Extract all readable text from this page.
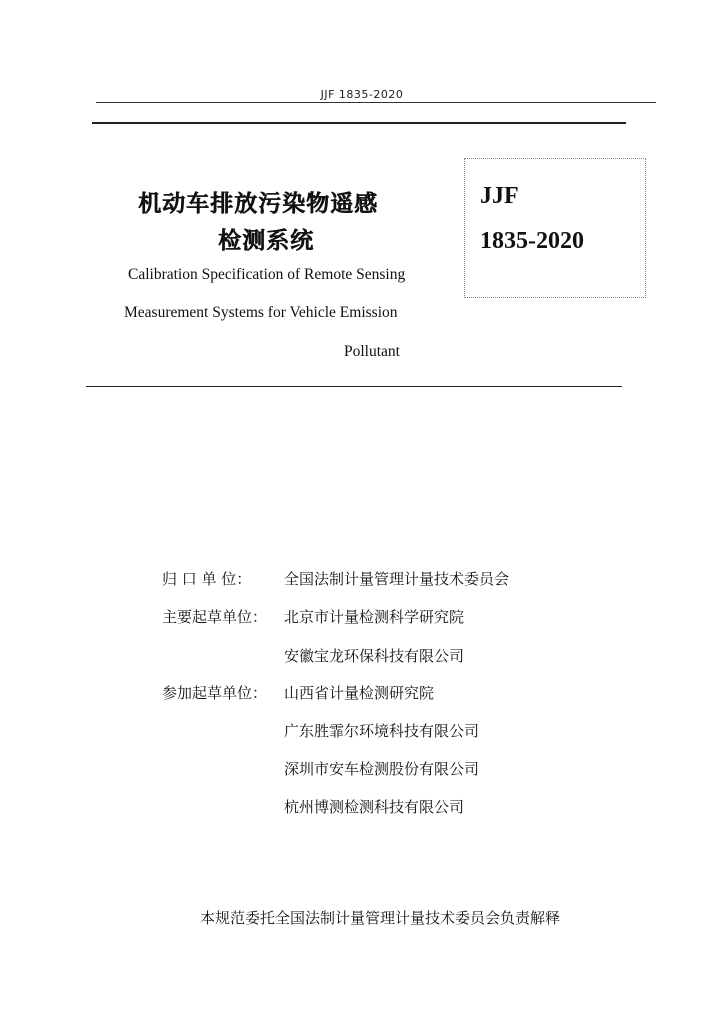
JJF 1835-2020
机动车排放污染物遥感
检测系统
Calibration Specification of Remote Sensing
Measurement Systems for Vehicle Emission
Pollutant
JJF
1835-2020
归 口 单 位： 全国法制计量管理计量技术委员会
主要起草单位： 北京市计量检测科学研究院
安徽宝龙环保科技有限公司
参加起草单位： 山西省计量检测研究院
广东胜霏尔环境科技有限公司
深圳市安车检测股份有限公司
杭州博测检测科技有限公司
本规范委托全国法制计量管理计量技术委员会负责解释
